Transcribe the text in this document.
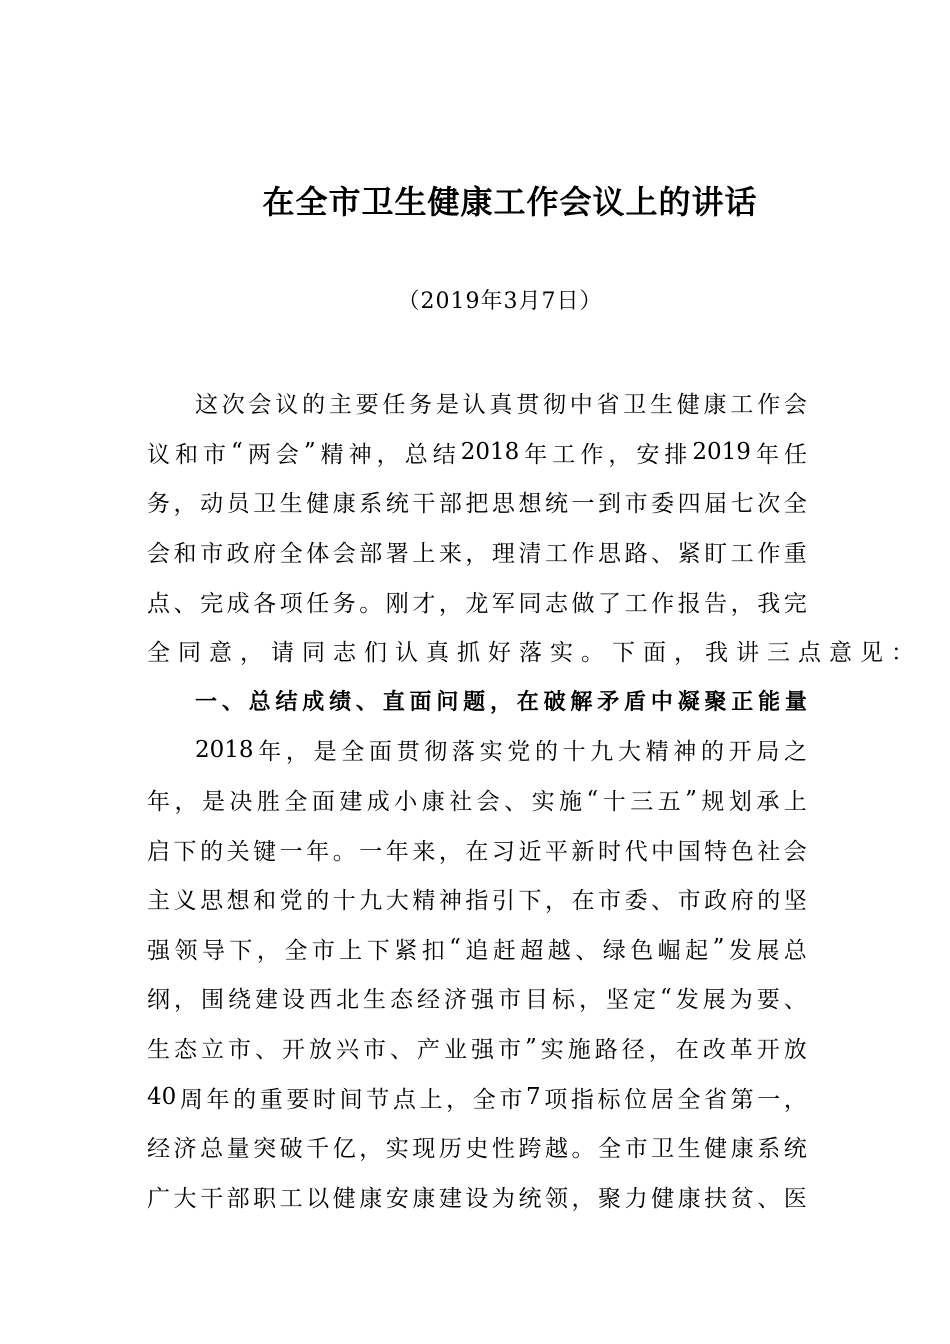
在全市卫生健康工作会议上的讲话
（2019年3月7日）
这 次 会 议 的 主 要 任 务 是 认 真 贯 彻 中 省 卫 生 健 康 工 作 会
议 和 市 “ 两 会 ” 精 神 ， 总 结 2018 年 工 作 ， 安 排 2019 年 任
务 ， 动 员 卫 生 健 康 系 统 干 部 把 思 想 统 一 到 市 委 四 届 七 次 全
会 和 市 政 府 全 体 会 部 署 上 来 ， 理 清 工 作 思 路 、 紧 盯 工 作 重
点 、 完 成 各 项 任 务 。 刚 才 ， 龙 军 同 志 做 了 工 作 报 告 ， 我 完
全同意，请同志们认真抓好落实。下面，我讲三点意见：
一 、 总 结 成 绩 、 直 面 问 题 ， 在 破 解 矛 盾 中 凝 聚 正 能 量
2018 年 ， 是 全 面 贯 彻 落 实 党 的 十 九 大 精 神 的 开 局 之
年 ， 是 决 胜 全 面 建 成 小 康 社 会 、 实 施 “ 十 三 五 ” 规 划 承 上
启 下 的 关 键 一 年 。 一 年 来 ， 在 习 近 平 新 时 代 中 国 特 色 社 会
主 义 思 想 和 党 的 十 九 大 精 神 指 引 下 ， 在 市 委 、 市 政 府 的 坚
强 领 导 下 ， 全 市 上 下 紧 扣 “ 追 赶 超 越 、 绿 色 崛 起 ” 发 展 总
纲 ， 围 绕 建 设 西 北 生 态 经 济 强 市 目 标 ， 坚 定 “ 发 展 为 要 、
生 态 立 市 、 开 放 兴 市 、 产 业 强 市 ” 实 施 路 径 ， 在 改 革 开 放
40 周 年 的 重 要 时 间 节 点 上 ， 全 市 7 项 指 标 位 居 全 省 第 一 ，
经 济 总 量 突 破 千 亿 ， 实 现 历 史 性 跨 越 。 全 市 卫 生 健 康 系 统
广 大 干 部 职 工 以 健 康 安 康 建 设 为 统 领 ， 聚 力 健 康 扶 贫 、 医
